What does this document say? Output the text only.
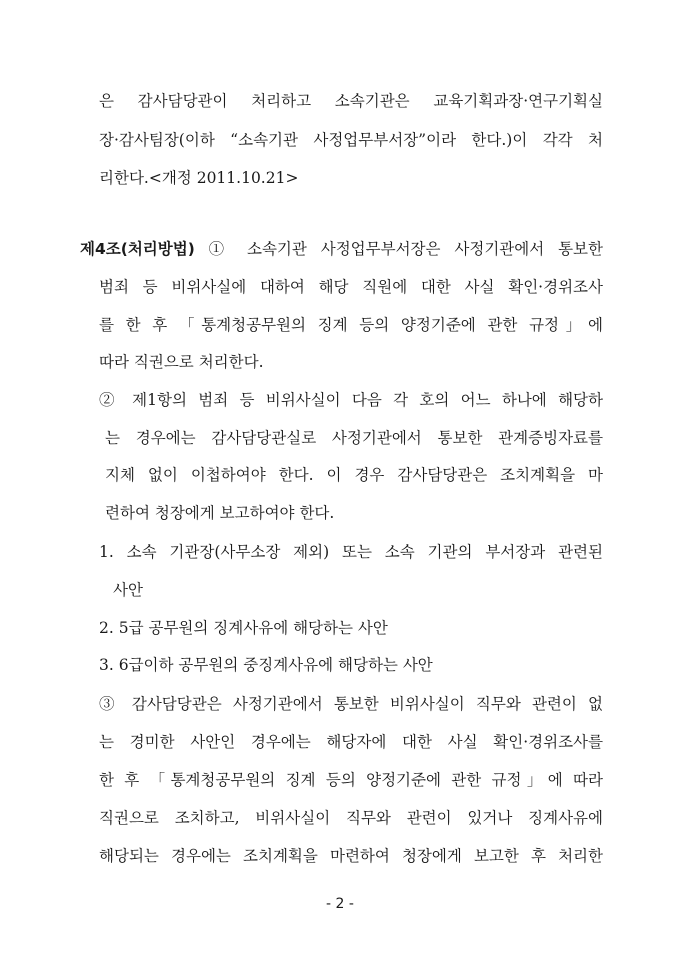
은 감사담당관이 처리하고 소속기관은 교육기획과장·연구기획실
장·감사팀장(이하 “소속기관 사정업무부서장”이라 한다.)이 각각 처
리한다.<개정 2011.10.21>
제4조(처리방법) ① 소속기관 사정업무부서장은 사정기관에서 통보한
범죄 등 비위사실에 대하여 해당 직원에 대한 사실 확인·경위조사
를 한 후 「통계청공무원의 징계 등의 양정기준에 관한 규정」에
따라 직권으로 처리한다.
② 제1항의 범죄 등 비위사실이 다음 각 호의 어느 하나에 해당하
는 경우에는 감사담당관실로 사정기관에서 통보한 관계증빙자료를
지체 없이 이첩하여야 한다. 이 경우 감사담당관은 조치계획을 마
련하여 청장에게 보고하여야 한다.
1. 소속 기관장(사무소장 제외) 또는 소속 기관의 부서장과 관련된
사안
2. 5급 공무원의 징계사유에 해당하는 사안
3. 6급이하 공무원의 중징계사유에 해당하는 사안
③ 감사담당관은 사정기관에서 통보한 비위사실이 직무와 관련이 없
는 경미한 사안인 경우에는 해당자에 대한 사실 확인·경위조사를
한 후 「통계청공무원의 징계 등의 양정기준에 관한 규정」에 따라
직권으로 조치하고, 비위사실이 직무와 관련이 있거나 징계사유에
해당되는 경우에는 조치계획을 마련하여 청장에게 보고한 후 처리한
- 2 -
